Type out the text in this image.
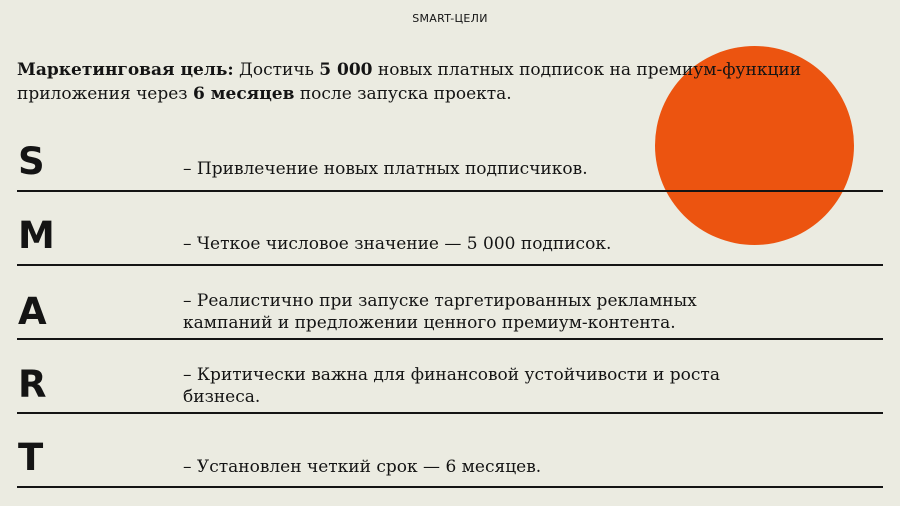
SMART-ЦЕЛИ

Маркетинговая цель: Достичь 5 000 новых платных подписок на премиум-функции приложения через 6 месяцев после запуска проекта.

S	– Привлечение новых платных подписчиков.
M	– Четкое числовое значение — 5 000 подписок.
A	– Реалистично при запуске таргетированных рекламных кампаний и предложении ценного премиум-контента.
R	– Критически важна для финансовой устойчивости и роста бизнеса.
T	– Установлен четкий срок — 6 месяцев.
